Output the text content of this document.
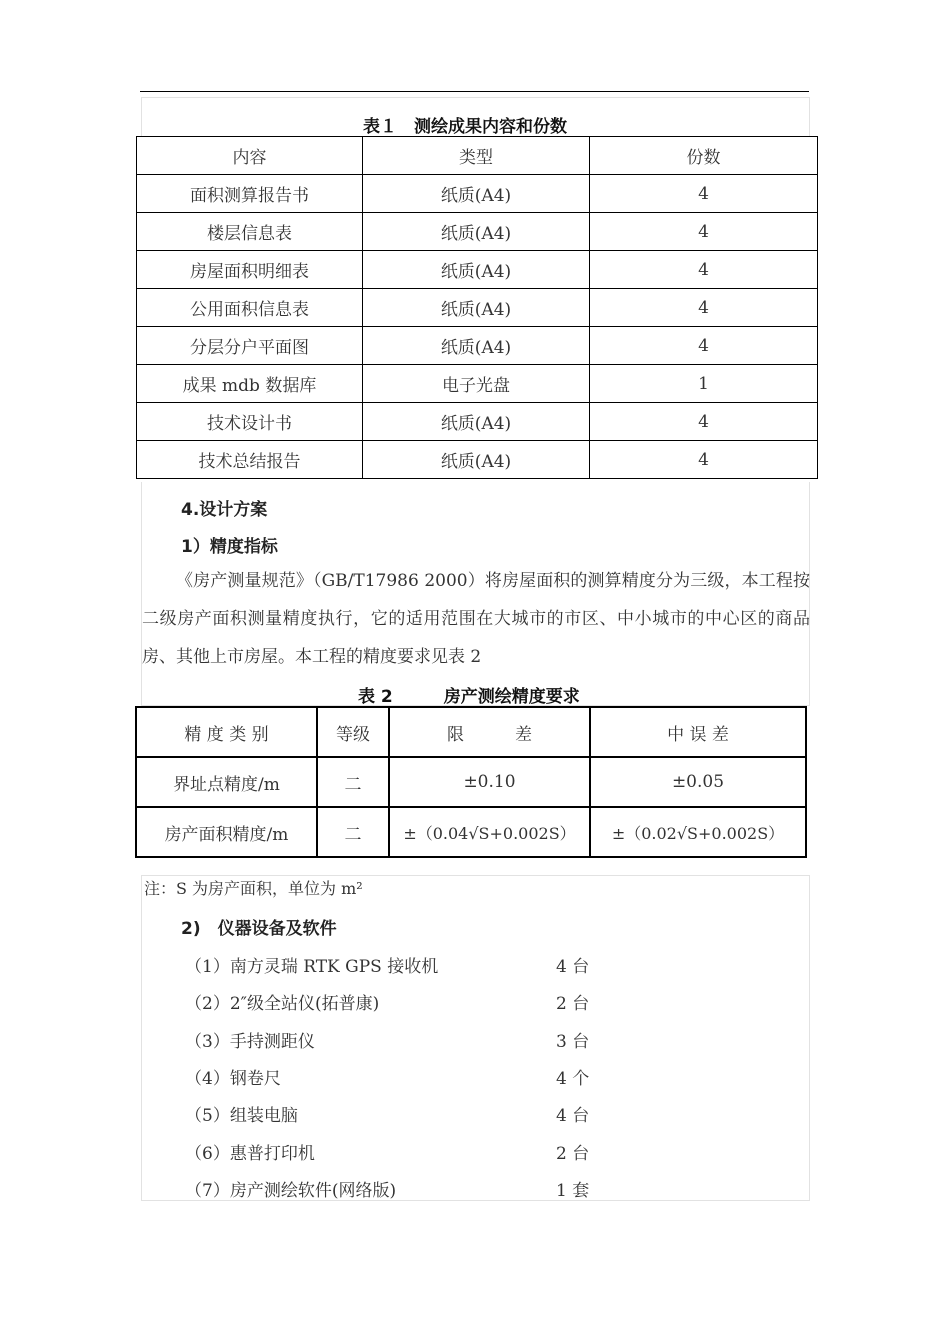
表１　测绘成果内容和份数
内容	类型	份数
面积测算报告书	纸质(A4)	4
楼层信息表	纸质(A4)	4
房屋面积明细表	纸质(A4)	4
公用面积信息表	纸质(A4)	4
分层分户平面图	纸质(A4)	4
成果 mdb 数据库	电子光盘	1
技术设计书	纸质(A4)	4
技术总结报告	纸质(A4)	4
4.设计方案
1）精度指标
《房产测量规范》（GB/T17986 2000）将房屋面积的测算精度分为三级，本工程按二级房产面积测量精度执行，它的适用范围在大城市的市区、中小城市的中心区的商品房、其他上市房屋。本工程的精度要求见表 2
表 2　　　房产测绘精度要求
精 度 类 别	等级	限　　　差	中 误 差
界址点精度/m	二	±0.10	±0.05
房产面积精度/m	二	±（0.04√S+0.002S）	±（0.02√S+0.002S）
注：S 为房产面积，单位为 m²
2)　仪器设备及软件
（1）南方灵瑞 RTK GPS 接收机	4 台
（2）2″级全站仪(拓普康)	2 台
（3）手持测距仪	3 台
（4）钢卷尺	4 个
（5）组装电脑	4 台
（6）惠普打印机	2 台
（7）房产测绘软件(网络版)	1 套
